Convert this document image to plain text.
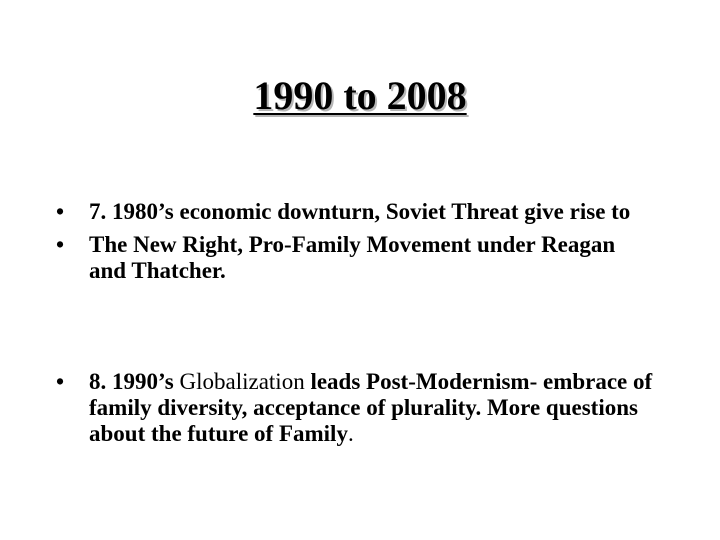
1990 to 2008
• 7. 1980’s economic downturn, Soviet Threat give rise to
• The New Right, Pro-Family Movement under Reagan and Thatcher.
• 8. 1990’s Globalization leads Post-Modernism- embrace of family diversity, acceptance of plurality. More questions about the future of Family.
